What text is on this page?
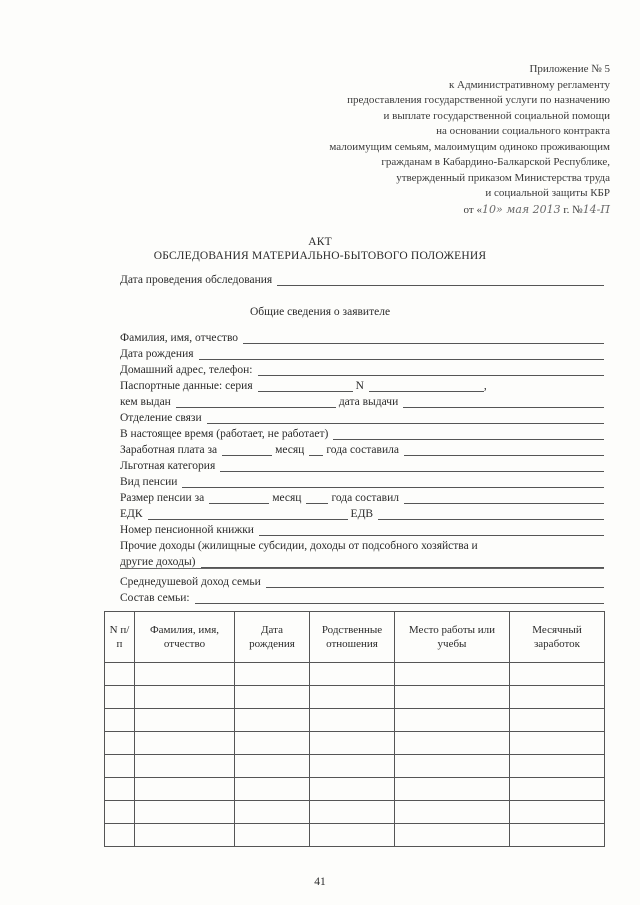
Приложение № 5
к Административному регламенту
предоставления государственной услуги по назначению
и выплате государственной социальной помощи
на основании социального контракта
малоимущим семьям, малоимущим одиноко проживающим
гражданам в Кабардино-Балкарской Республике,
утвержденный приказом Министерства труда
и социальной защиты КБР
от «10» мая 2013 г. №14-П
АКТ
ОБСЛЕДОВАНИЯ МАТЕРИАЛЬНО-БЫТОВОГО ПОЛОЖЕНИЯ
Дата проведения обследования
Общие сведения о заявителе
Фамилия, имя, отчество
Дата рождения
Домашний адрес, телефон:
Паспортные данные: серия	N	,
кем выдан	дата выдачи
Отделение связи
В настоящее время (работает, не работает)
Заработная плата за	месяц года составила
Льготная категория
Вид пенсии
Размер пенсии за	месяц	года составил
ЕДК	ЕДВ
Номер пенсионной книжки
Прочие доходы (жилищные субсидии, доходы от подсобного хозяйства и
другие доходы)
Среднедушевой доход семьи
Состав семьи:
N п/п	Фамилия, имя, отчество	Дата рождения	Родственные отношения	Место работы или учебы	Месячный заработок

41
